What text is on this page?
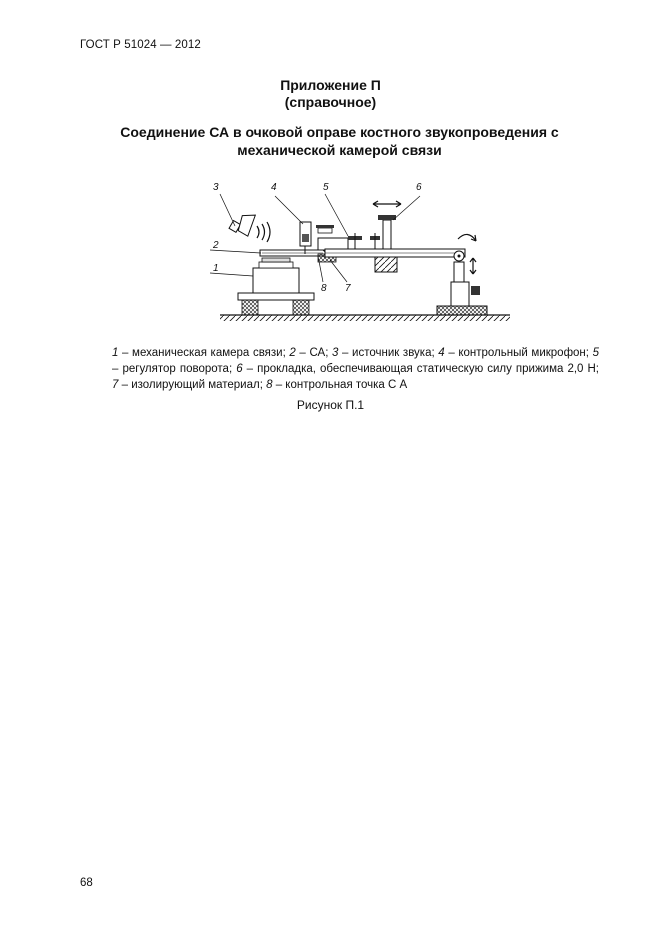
ГОСТ Р 51024 — 2012
Приложение П
(справочное)
Соединение СА в очковой оправе костного звукопроведения с механической камерой связи
3	4	5	6
2
1
8 7

1 – механическая камера связи; 2 – СА; 3 – источник звука; 4 – контрольный микрофон; 5 – регулятор поворота; 6 – прокладка, обеспечивающая статическую силу прижима 2,0 Н; 7 – изолирующий материал; 8 – контрольная точка С А

Рисунок П.1
68
